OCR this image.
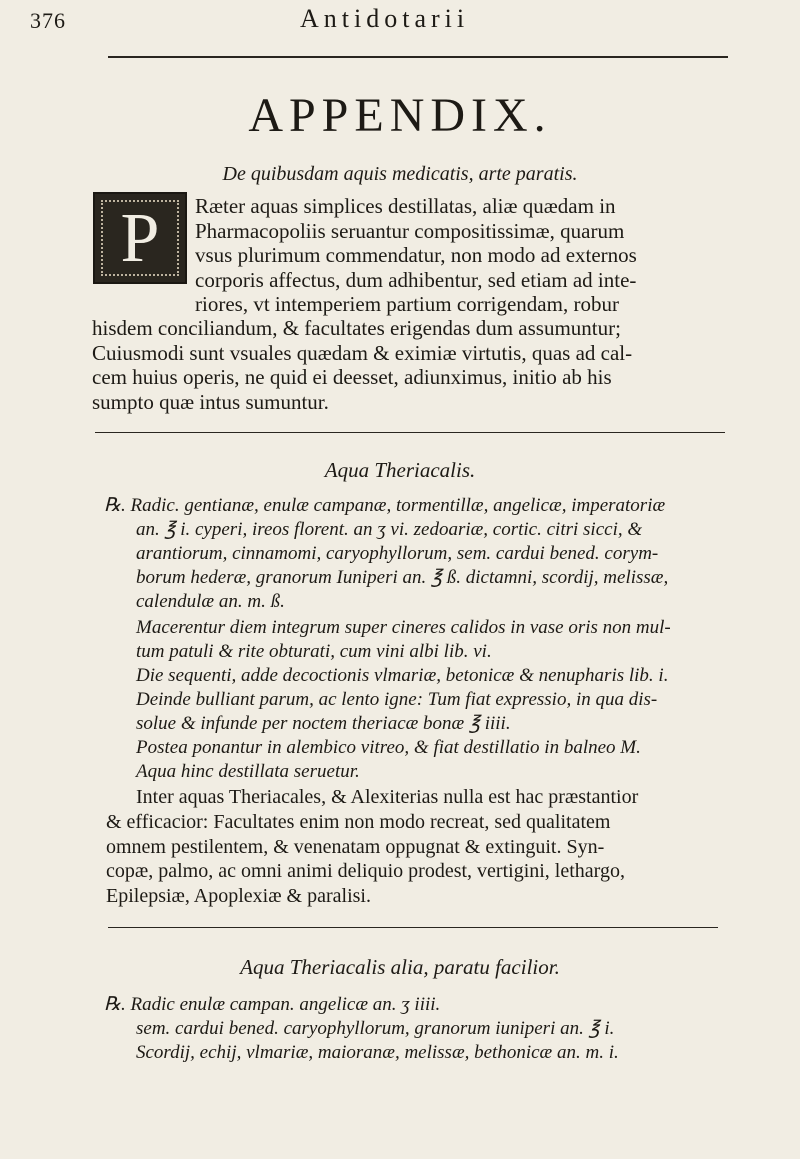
376	Antidotarii
APPENDIX.
De quibusdam aquis medicatis, arte paratis.
P	Ræter aquas simplices destillatas, aliæ quædam in
Pharmacopoliis seruantur compositissimæ, quarum
vsus plurimum commendatur, non modo ad externos
corporis affectus, dum adhibentur, sed etiam ad inte-
riores, vt intemperiem partium corrigendam, robur
hisdem conciliandum, & facultates erigendas dum assumuntur;
Cuiusmodi sunt vsuales quædam & eximiæ virtutis, quas ad cal-
cem huius operis, ne quid ei deesset, adiunximus, initio ab his
sumpto quæ intus sumuntur.
Aqua Theriacalis.
℞. Radic. gentianæ, enulæ campanæ, tormentillæ, angelicæ, imperatoriæ
an. ℥ i. cyperi, ireos florent. an ʒ vi. zedoariæ, cortic. citri sicci, &
arantiorum, cinnamomi, caryophyllorum, sem. cardui bened. corym-
borum hederæ, granorum Iuniperi an. ℥ ß. dictamni, scordij, melissæ,
calendulæ an. m. ß.
Macerentur diem integrum super cineres calidos in vase oris non mul-
tum patuli & rite obturati, cum vini albi lib. vi.
Die sequenti, adde decoctionis vlmariæ, betonicæ & nenupharis lib. i.
Deinde bulliant parum, ac lento igne: Tum fiat expressio, in qua dis-
solue & infunde per noctem theriacæ bonæ ℥ iiii.
Postea ponantur in alembico vitreo, & fiat destillatio in balneo M.
Aqua hinc destillata seruetur.
Inter aquas Theriacales, & Alexiterias nulla est hac præstantior
& efficacior: Facultates enim non modo recreat, sed qualitatem
omnem pestilentem, & venenatam oppugnat & extinguit. Syn-
copæ, palmo, ac omni animi deliquio prodest, vertigini, lethargo,
Epilepsiæ, Apoplexiæ & paralisi.
Aqua Theriacalis alia, paratu facilior.
℞. Radic enulæ campan. angelicæ an. ʒ iiii.
sem. cardui bened. caryophyllorum, granorum iuniperi an. ℥ i.
Scordij, echij, vlmariæ, maioranæ, melissæ, bethonicæ an. m. i.
